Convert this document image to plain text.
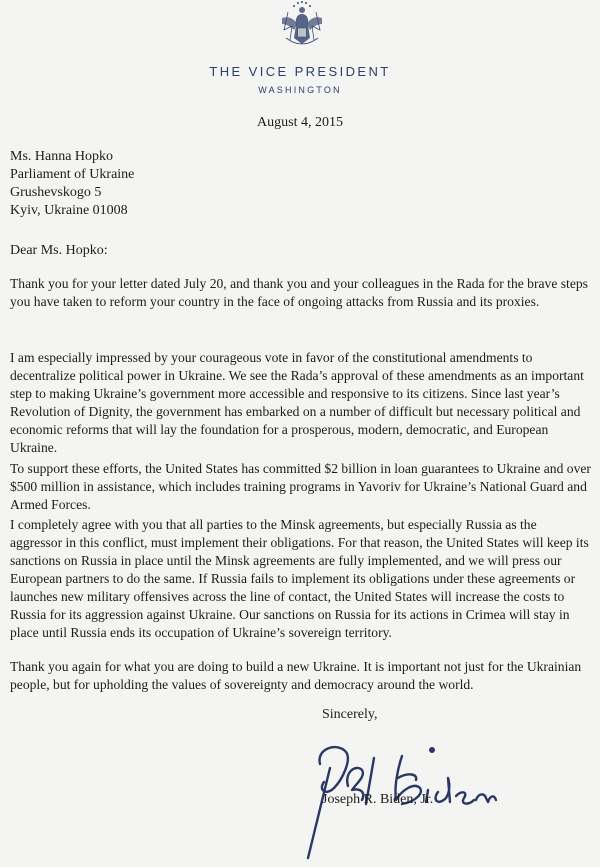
THE VICE PRESIDENT
WASHINGTON
August 4, 2015
Ms. Hanna Hopko
Parliament of Ukraine
Grushevskogo 5
Kyiv, Ukraine 01008
Dear Ms. Hopko:

Thank you for your letter dated July 20, and thank you and your colleagues in the Rada for the brave steps you have taken to reform your country in the face of ongoing attacks from Russia and its proxies.

I am especially impressed by your courageous vote in favor of the constitutional amendments to decentralize political power in Ukraine. We see the Rada’s approval of these amendments as an important step to making Ukraine’s government more accessible and responsive to its citizens. Since last year’s Revolution of Dignity, the government has embarked on a number of difficult but necessary political and economic reforms that will lay the foundation for a prosperous, modern, democratic, and European Ukraine.

To support these efforts, the United States has committed $2 billion in loan guarantees to Ukraine and over $500 million in assistance, which includes training programs in Yavoriv for Ukraine’s National Guard and Armed Forces.

I completely agree with you that all parties to the Minsk agreements, but especially Russia as the aggressor in this conflict, must implement their obligations. For that reason, the United States will keep its sanctions on Russia in place until the Minsk agreements are fully implemented, and we will press our European partners to do the same. If Russia fails to implement its obligations under these agreements or launches new military offensives across the line of contact, the United States will increase the costs to Russia for its aggression against Ukraine. Our sanctions on Russia for its actions in Crimea will stay in place until Russia ends its occupation of Ukraine’s sovereign territory.

Thank you again for what you are doing to build a new Ukraine. It is important not just for the Ukrainian people, but for upholding the values of sovereignty and democracy around the world.

Sincerely,
Joseph R. Biden, Jr.
